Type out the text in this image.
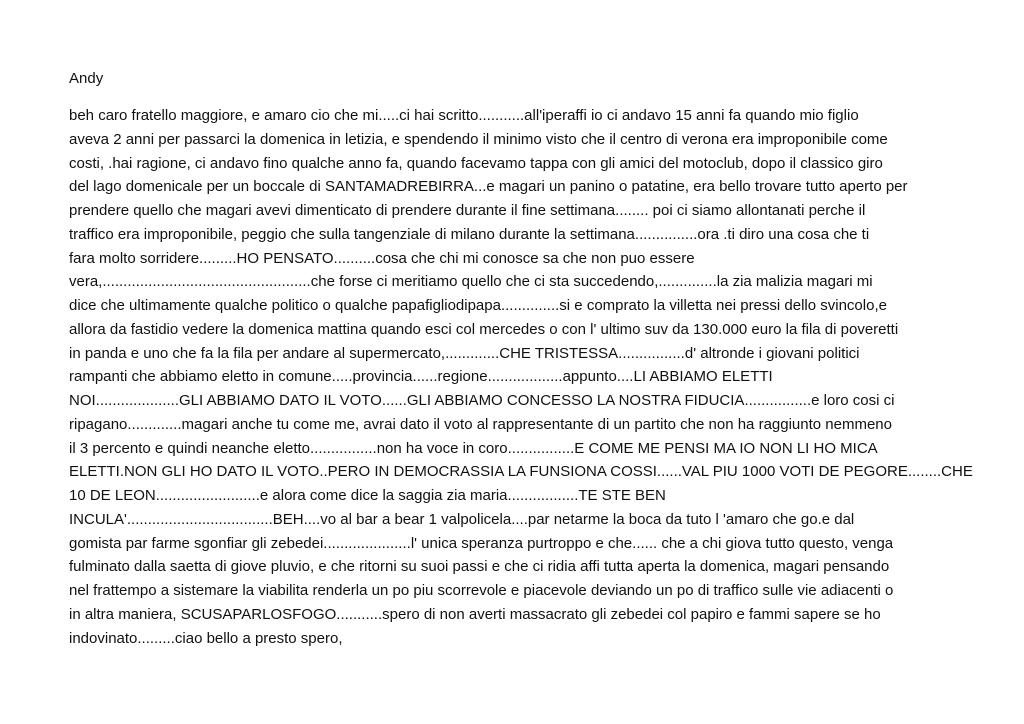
Andy
beh caro fratello maggiore, e amaro cio che mi.....ci hai scritto...........all'iperaffi io ci andavo 15 anni fa quando mio figlio
aveva 2 anni per passarci la domenica in letizia, e spendendo il minimo visto che il centro di verona era improponibile come
costi, .hai ragione, ci andavo fino qualche anno fa, quando facevamo tappa con gli amici del motoclub, dopo il classico giro
del lago domenicale per un boccale di SANTAMADREBIRRA...e magari un panino o patatine, era bello trovare tutto aperto per
prendere quello che magari avevi dimenticato di prendere durante il fine settimana........ poi ci siamo allontanati perche il
traffico era improponibile, peggio che sulla tangenziale di milano durante la settimana...............ora .ti diro una cosa che ti
fara molto sorridere.........HO PENSATO..........cosa che chi mi conosce sa che non puo essere
vera,..................................................che forse ci meritiamo quello che ci sta succedendo,..............la zia malizia magari mi
dice che ultimamente qualche politico o qualche papafigliodipapa..............si e comprato la villetta nei pressi dello svincolo,e
allora da fastidio vedere la domenica mattina quando esci col mercedes o con l' ultimo suv da 130.000 euro la fila di poveretti
in panda e uno che fa la fila per andare al supermercato,.............CHE TRISTESSA................d' altronde i giovani politici
rampanti che abbiamo eletto in comune.....provincia......regione..................appunto....LI ABBIAMO ELETTI
NOI....................GLI ABBIAMO DATO IL VOTO......GLI ABBIAMO CONCESSO LA NOSTRA FIDUCIA................e loro cosi ci
ripagano.............magari anche tu come me, avrai dato il voto al rappresentante di un partito che non ha raggiunto nemmeno
il 3 percento e quindi neanche eletto................non ha voce in coro................E COME ME PENSI MA IO NON LI HO MICA
ELETTI.NON GLI HO DATO IL VOTO..PERO IN DEMOCRASSIA LA FUNSIONA COSSI......VAL PIU 1000 VOTI DE PEGORE........CHE
10 DE LEON.........................e alora come dice la saggia zia maria.................TE STE BEN
INCULA'...................................BEH....vo al bar a bear 1 valpolicela....par netarme la boca da tuto l 'amaro che go.e dal
gomista par farme sgonfiar gli zebedei.....................l' unica speranza purtroppo e che...... che a chi giova tutto questo, venga
fulminato dalla saetta di giove pluvio, e che ritorni su suoi passi e che ci ridia affi tutta aperta la domenica, magari pensando
nel frattempo a sistemare la viabilita renderla un po piu scorrevole e piacevole deviando un po di traffico sulle vie adiacenti o
in altra maniera, SCUSAPARLOSFOGO...........spero di non averti massacrato gli zebedei col papiro e fammi sapere se ho
indovinato.........ciao bello a presto spero,
